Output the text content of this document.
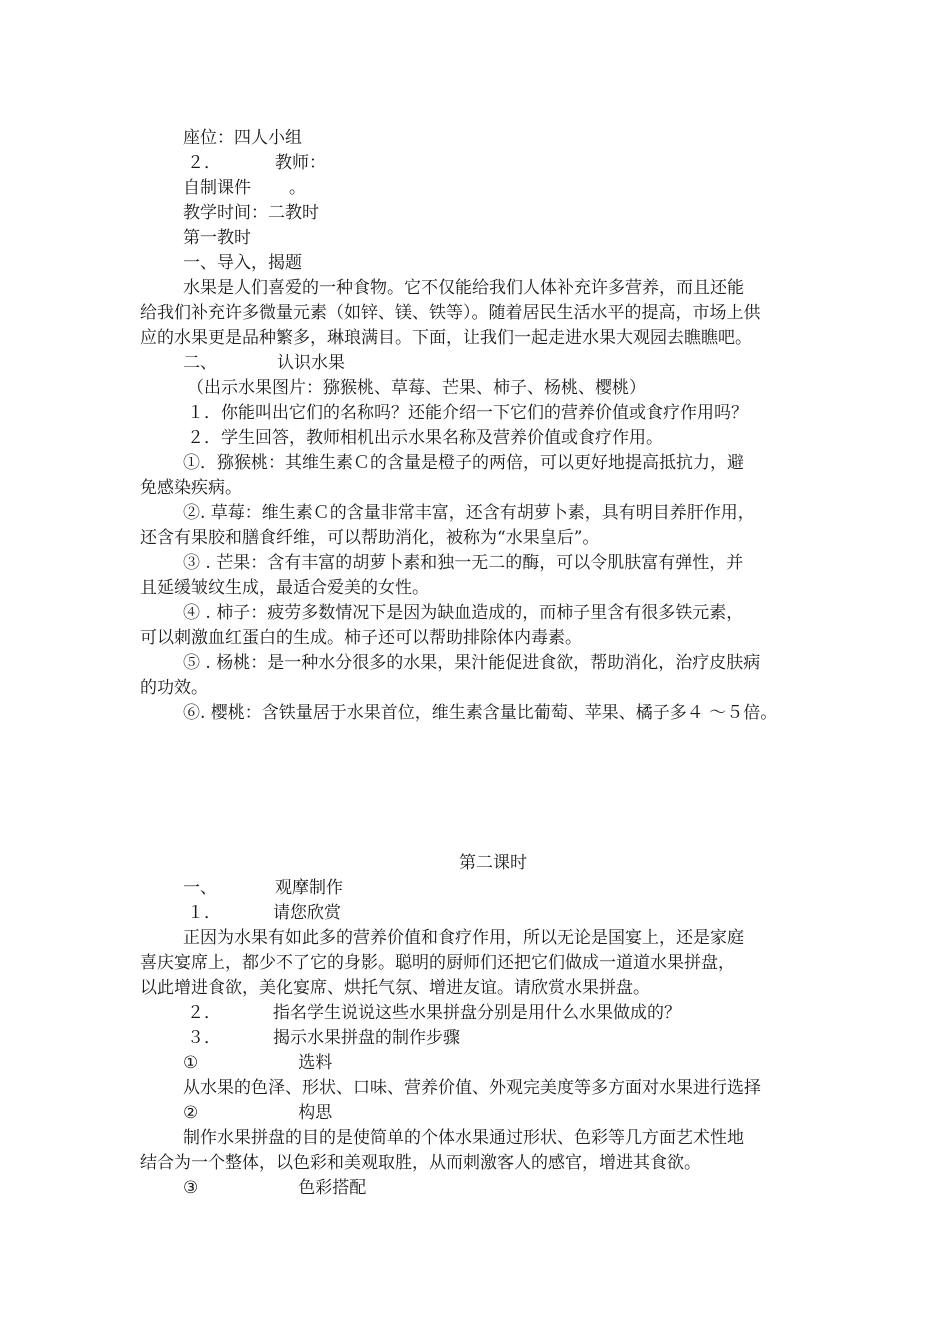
座位：四人小组
２．	教师：
自制课件 。
教学时间：二教时
第一教时
一、导入，揭题
水果是人们喜爱的一种食物。它不仅能给我们人体补充许多营养，而且还能
给我们补充许多微量元素（如锌、镁、铁等）。随着居民生活水平的提高，市场上供
应的水果更是品种繁多，琳琅满目。下面，让我们一起走进水果大观园去瞧瞧吧。
二、	认识水果
（出示水果图片：猕猴桃、草莓、芒果、柿子、杨桃、樱桃）
１．你能叫出它们的名称吗？还能介绍一下它们的营养价值或食疗作用吗？
２．学生回答，教师相机出示水果名称及营养价值或食疗作用。
①．猕猴桃：其维生素Ｃ的含量是橙子的两倍，可以更好地提高抵抗力，避
免感染疾病。
②. 草莓：维生素Ｃ的含量非常丰富，还含有胡萝卜素，具有明目养肝作用，
还含有果胶和膳食纤维，可以帮助消化，被称为“水果皇后”。
③ . 芒果：含有丰富的胡萝卜素和独一无二的酶，可以令肌肤富有弹性，并
且延缓皱纹生成，最适合爱美的女性。
④ . 柿子：疲劳多数情况下是因为缺血造成的，而柿子里含有很多铁元素，
可以刺激血红蛋白的生成。柿子还可以帮助排除体内毒素。
⑤ . 杨桃：是一种水分很多的水果，果汁能促进食欲，帮助消化，治疗皮肤病
的功效。
⑥. 樱桃：含铁量居于水果首位，维生素含量比葡萄、苹果、橘子多４ ～５倍。
第二课时
一、	观摩制作
１．	请您欣赏
正因为水果有如此多的营养价值和食疗作用，所以无论是国宴上，还是家庭
喜庆宴席上，都少不了它的身影。聪明的厨师们还把它们做成一道道水果拼盘，
以此增进食欲，美化宴席、烘托气氛、增进友谊。请欣赏水果拼盘。
２．	指名学生说说这些水果拼盘分别是用什么水果做成的？
３．	揭示水果拼盘的制作步骤
①	选料
从水果的色泽、形状、口味、营养价值、外观完美度等多方面对水果进行选择
②	构思
制作水果拼盘的目的是使简单的个体水果通过形状、色彩等几方面艺术性地
结合为一个整体，以色彩和美观取胜，从而刺激客人的感官，增进其食欲。
③	色彩搭配
